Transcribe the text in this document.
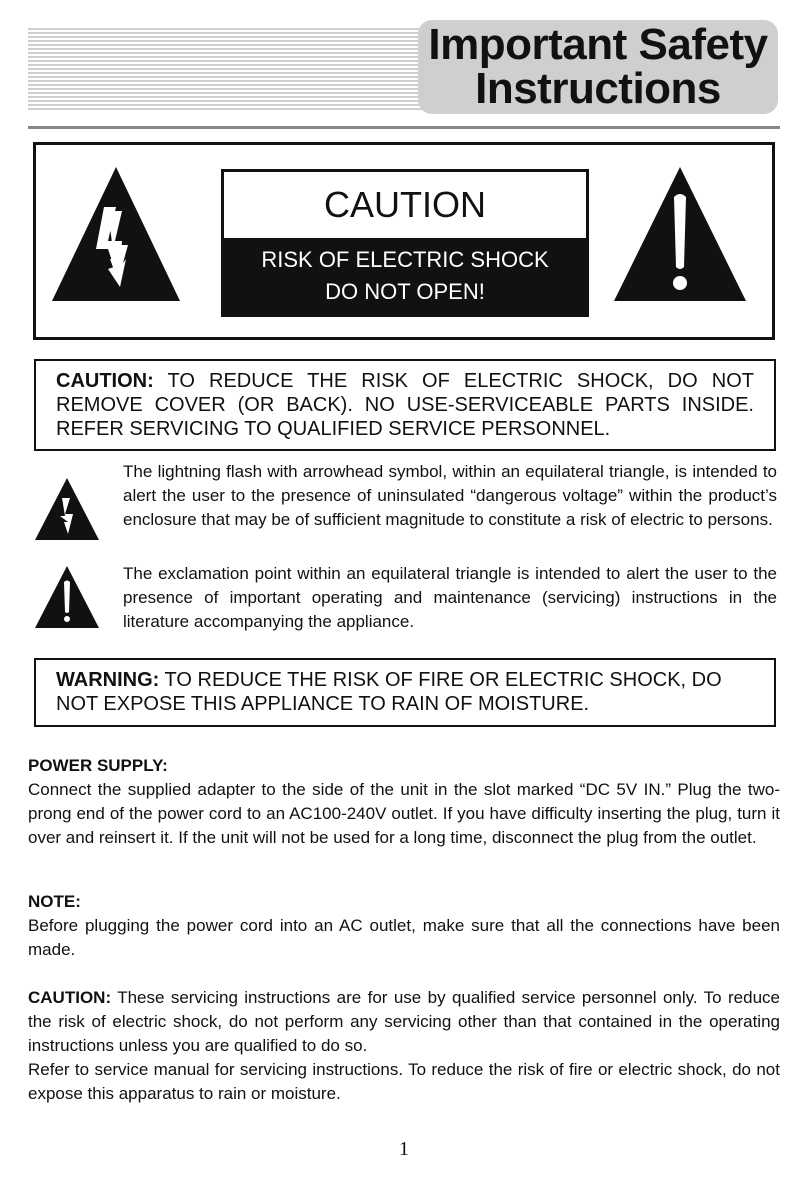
Important Safety
Instructions
CAUTION
RISK OF ELECTRIC SHOCK
DO NOT OPEN!
CAUTION: TO REDUCE THE RISK OF ELECTRIC SHOCK, DO NOT REMOVE COVER (OR BACK). NO USE-SERVICEABLE PARTS INSIDE. REFER SERVICING TO QUALIFIED SERVICE PERSONNEL.
The lightning flash with arrowhead symbol, within an equilateral triangle, is intended to alert the user to the presence of uninsulated “dangerous voltage” within the product’s enclosure that may be of sufficient magnitude to constitute a risk of electric to persons.
The exclamation point within an equilateral triangle is intended to alert the user to the presence of important operating and maintenance (servicing) instructions in the literature accompanying the appliance.
WARNING: TO REDUCE THE RISK OF FIRE OR ELECTRIC SHOCK, DO NOT EXPOSE THIS APPLIANCE TO RAIN OF MOISTURE.
POWER SUPPLY:
Connect the supplied adapter to the side of the unit in the slot marked “DC 5V IN.” Plug the two-prong end of the power cord to an AC100-240V outlet. If you have difficulty inserting the plug, turn it over and reinsert it. If the unit will not be used for a long time, disconnect the plug from the outlet.
NOTE:
Before plugging the power cord into an AC outlet, make sure that all the connections have been made.
CAUTION: These servicing instructions are for use by qualified service personnel only. To reduce the risk of electric shock, do not perform any servicing other than that contained in the operating instructions unless you are qualified to do so.
Refer to service manual for servicing instructions. To reduce the risk of fire or electric shock, do not expose this apparatus to rain or moisture.
1
